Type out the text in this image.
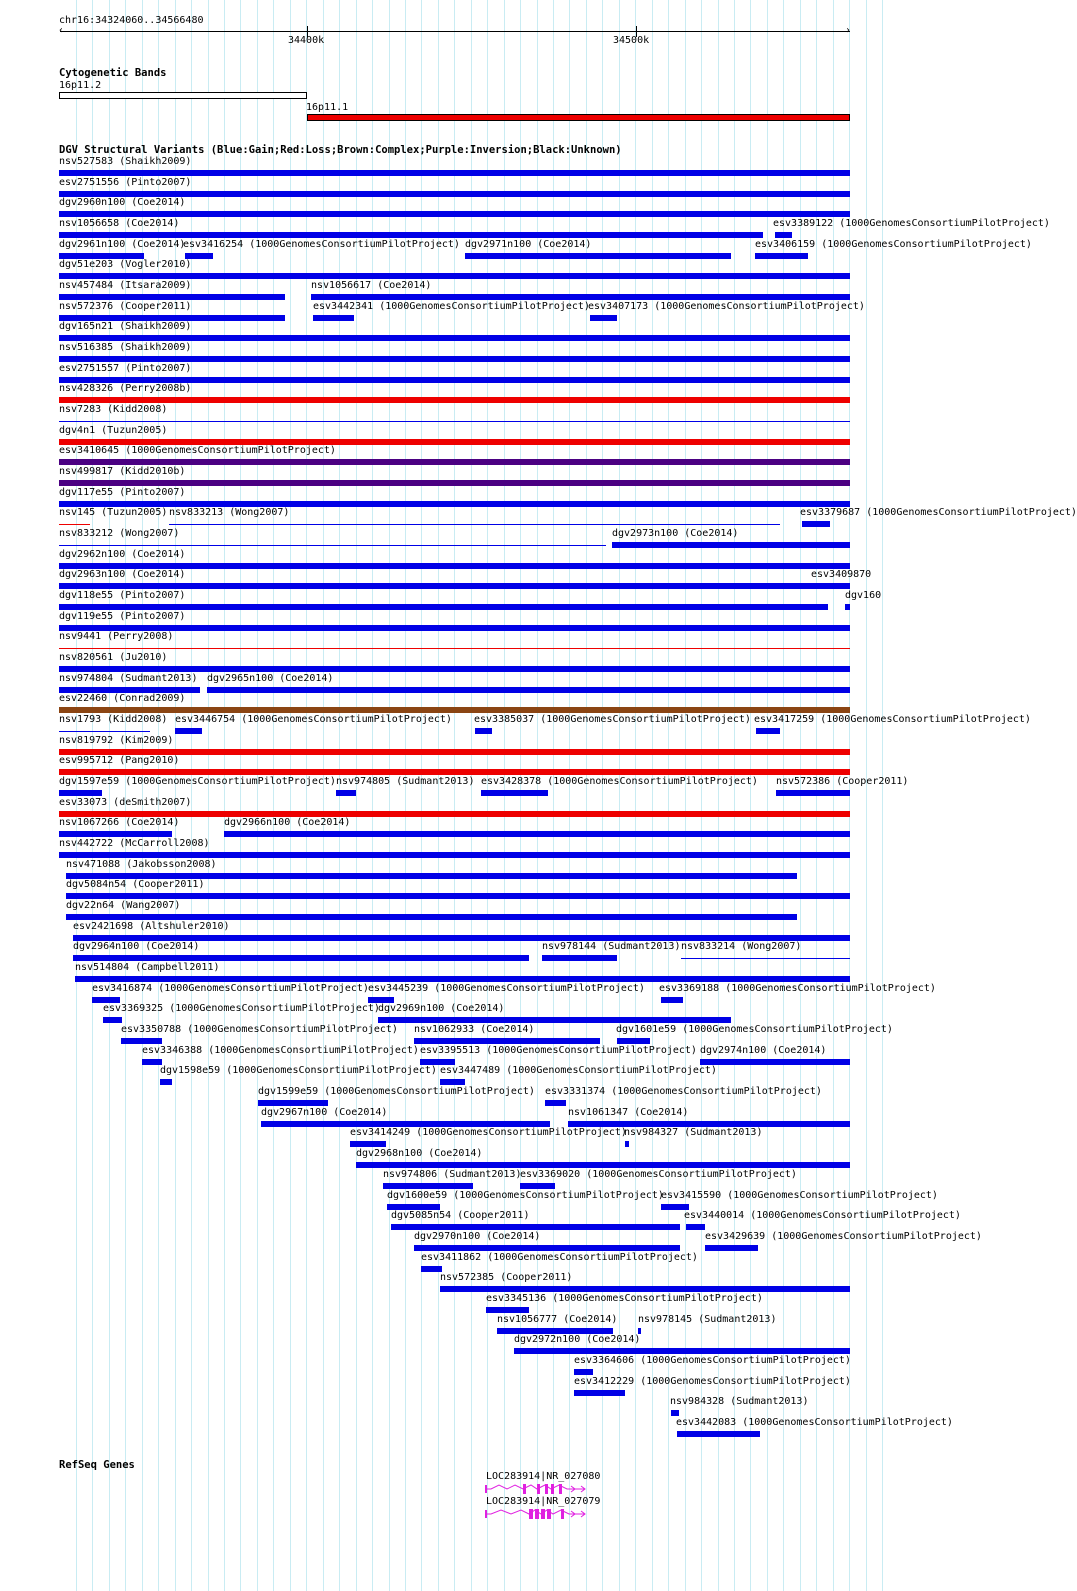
chr16:34324060..34566480
‹	›
34400k	34500k
Cytogenetic Bands
16p11.2
16p11.1
DGV Structural Variants (Blue:Gain;Red:Loss;Brown:Complex;Purple:Inversion;Black:Unknown)
nsv527583 (Shaikh2009)
esv2751556 (Pinto2007)
dgv2960n100 (Coe2014)
nsv1056658 (Coe2014)	esv3389122 (1000GenomesConsortiumPilotProject)
dgv2961n100 (Coe2014)
esv3416254 (1000GenomesConsortiumPilotProject) dgv2971n100 (Coe2014)	esv3406159 (1000GenomesConsortiumPilotProject)
dgv51e203 (Vogler2010)
nsv457484 (Itsara2009)	nsv1056617 (Coe2014)
nsv572376 (Cooper2011)	esv3442341 (1000GenomesConsortiumPilotProject)
esv3407173 (1000GenomesConsortiumPilotProject)
dgv165n21 (Shaikh2009)
nsv516385 (Shaikh2009)
esv2751557 (Pinto2007)
nsv428326 (Perry2008b)
nsv7283 (Kidd2008)
dgv4n1 (Tuzun2005)
esv3410645 (1000GenomesConsortiumPilotProject)
nsv499817 (Kidd2010b)
dgv117e55 (Pinto2007)
nsv145 (Tuzun2005) nsv833213 (Wong2007)	esv3379687 (1000GenomesConsortiumPilotProject)
nsv833212 (Wong2007)	dgv2973n100 (Coe2014)
dgv2962n100 (Coe2014)
dgv2963n100 (Coe2014)	esv3409870
dgv118e55 (Pinto2007)	dgv160
dgv119e55 (Pinto2007)
nsv9441 (Perry2008)
nsv820561 (Ju2010)
nsv974804 (Sudmant2013) dgv2965n100 (Coe2014)
esv22460 (Conrad2009)
nsv1793 (Kidd2008) esv3446754 (1000GenomesConsortiumPilotProject) esv3385037 (1000GenomesConsortiumPilotProject) esv3417259 (1000GenomesConsortiumPilotProject)
nsv819792 (Kim2009)
esv995712 (Pang2010)
dgv1597e59 (1000GenomesConsortiumPilotProject) nsv974805 (Sudmant2013) esv3428378 (1000GenomesConsortiumPilotProject) nsv572386 (Cooper2011)
esv33073 (deSmith2007)
nsv1067266 (Coe2014)	dgv2966n100 (Coe2014)
nsv442722 (McCarroll2008)
nsv471088 (Jakobsson2008)
dgv5084n54 (Cooper2011)
dgv22n64 (Wang2007)
esv2421698 (Altshuler2010)
dgv2964n100 (Coe2014)	nsv978144 (Sudmant2013) nsv833214 (Wong2007)
nsv514804 (Campbell2011)
esv3416874 (1000GenomesConsortiumPilotProject) esv3445239 (1000GenomesConsortiumPilotProject) esv3369188 (1000GenomesConsortiumPilotProject)
esv3369325 (1000GenomesConsortiumPilotProject)
dgv2969n100 (Coe2014)
esv3350788 (1000GenomesConsortiumPilotProject) nsv1062933 (Coe2014)	dgv1601e59 (1000GenomesConsortiumPilotProject)
esv3346388 (1000GenomesConsortiumPilotProject) esv3395513 (1000GenomesConsortiumPilotProject) dgv2974n100 (Coe2014)
dgv1598e59 (1000GenomesConsortiumPilotProject) esv3447489 (1000GenomesConsortiumPilotProject)
dgv1599e59 (1000GenomesConsortiumPilotProject) esv3331374 (1000GenomesConsortiumPilotProject)
dgv2967n100 (Coe2014)	nsv1061347 (Coe2014)
esv3414249 (1000GenomesConsortiumPilotProject)
nsv984327 (Sudmant2013)
dgv2968n100 (Coe2014)
nsv974806 (Sudmant2013)
esv3369020 (1000GenomesConsortiumPilotProject)
dgv1600e59 (1000GenomesConsortiumPilotProject)
esv3415590 (1000GenomesConsortiumPilotProject)
dgv5085n54 (Cooper2011)	esv3440014 (1000GenomesConsortiumPilotProject)
dgv2970n100 (Coe2014)	esv3429639 (1000GenomesConsortiumPilotProject)
esv3411862 (1000GenomesConsortiumPilotProject)
nsv572385 (Cooper2011)
esv3345136 (1000GenomesConsortiumPilotProject)
nsv1056777 (Coe2014) nsv978145 (Sudmant2013)
dgv2972n100 (Coe2014)
esv3364606 (1000GenomesConsortiumPilotProject)
esv3412229 (1000GenomesConsortiumPilotProject)
nsv984328 (Sudmant2013)
esv3442083 (1000GenomesConsortiumPilotProject)
RefSeq Genes
LOC283914|NR_027080
LOC283914|NR_027079
